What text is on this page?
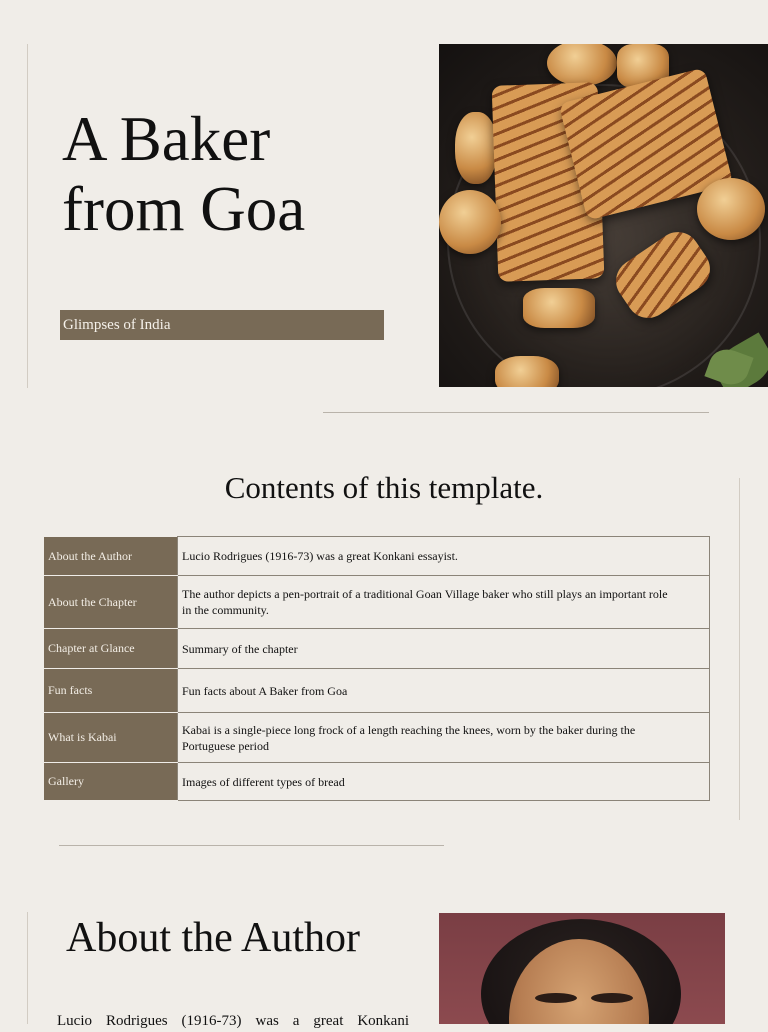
A Baker
from Goa
Glimpses of India
Contents of this template.
About the Author	Lucio Rodrigues (1916-73) was a great Konkani essayist.
About the Chapter	The author depicts a pen-portrait of a traditional Goan Village baker who still plays an important role in the community.
Chapter at Glance	Summary of the chapter
Fun facts	Fun facts about A Baker from Goa
What is Kabai	Kabai is a single-piece long frock of a length reaching the knees, worn by the baker during the Portuguese period
Gallery	Images of different types of bread
About the Author
Lucio Rodrigues (1916-73) was a great Konkani
